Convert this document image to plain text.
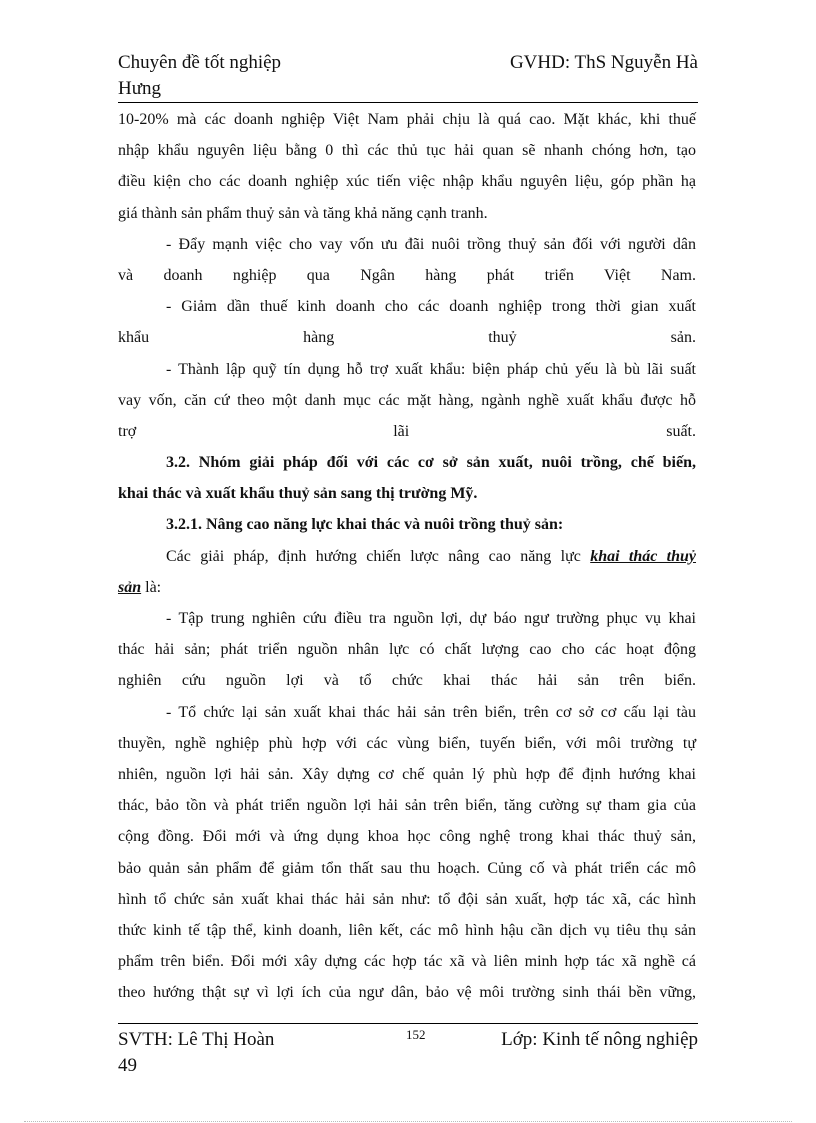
Chuyên đề tốt nghiệp	GVHD: ThS Nguyễn Hà
Hưng
10-20% mà các doanh nghiệp Việt Nam phải chịu là quá cao. Mặt khác, khi thuế
nhập khẩu nguyên liệu bằng 0 thì các thủ tục hải quan sẽ nhanh chóng hơn, tạo
điều kiện cho các doanh nghiệp xúc tiến việc nhập khẩu nguyên liệu, góp phần hạ
giá thành sản phẩm thuỷ sản và tăng khả năng cạnh tranh.
- Đẩy mạnh việc cho vay vốn ưu đãi nuôi trồng thuỷ sản đối với người dân
và doanh nghiệp qua Ngân hàng phát triển Việt Nam.
- Giảm dần thuế kinh doanh cho các doanh nghiệp trong thời gian xuất
khẩu hàng thuỷ sản.
- Thành lập quỹ tín dụng hỗ trợ xuất khẩu: biện pháp chủ yếu là bù lãi suất
vay vốn, căn cứ theo một danh mục các mặt hàng, ngành nghề xuất khẩu được hỗ
trợ lãi suất.
3.2. Nhóm giải pháp đối với các cơ sở sản xuất, nuôi trồng, chế biến,
khai thác và xuất khẩu thuỷ sản sang thị trường Mỹ.
3.2.1. Nâng cao năng lực khai thác và nuôi trồng thuỷ sản:
Các giải pháp, định hướng chiến lược nâng cao năng lực khai thác thuỷ
sản là:
- Tập trung nghiên cứu điều tra nguồn lợi, dự báo ngư trường phục vụ khai
thác hải sản; phát triển nguồn nhân lực có chất lượng cao cho các hoạt động
nghiên cứu nguồn lợi và tổ chức khai thác hải sản trên biển.
- Tổ chức lại sản xuất khai thác hải sản trên biển, trên cơ sở cơ cấu lại tàu
thuyền, nghề nghiệp phù hợp với các vùng biển, tuyến biển, với môi trường tự
nhiên, nguồn lợi hải sản. Xây dựng cơ chế quản lý phù hợp để định hướng khai
thác, bảo tồn và phát triển nguồn lợi hải sản trên biển, tăng cường sự tham gia của
cộng đồng. Đổi mới và ứng dụng khoa học công nghệ trong khai thác thuỷ sản,
bảo quản sản phẩm để giảm tổn thất sau thu hoạch. Củng cố và phát triển các mô
hình tổ chức sản xuất khai thác hải sản như: tổ đội sản xuất, hợp tác xã, các hình
thức kinh tế tập thể, kinh doanh, liên kết, các mô hình hậu cần dịch vụ tiêu thụ sản
phẩm trên biển. Đổi mới xây dựng các hợp tác xã và liên minh hợp tác xã nghề cá
theo hướng thật sự vì lợi ích của ngư dân, bảo vệ môi trường sinh thái bền vững,
SVTH: Lê Thị Hoàn	152	Lớp: Kinh tế nông nghiệp
49
